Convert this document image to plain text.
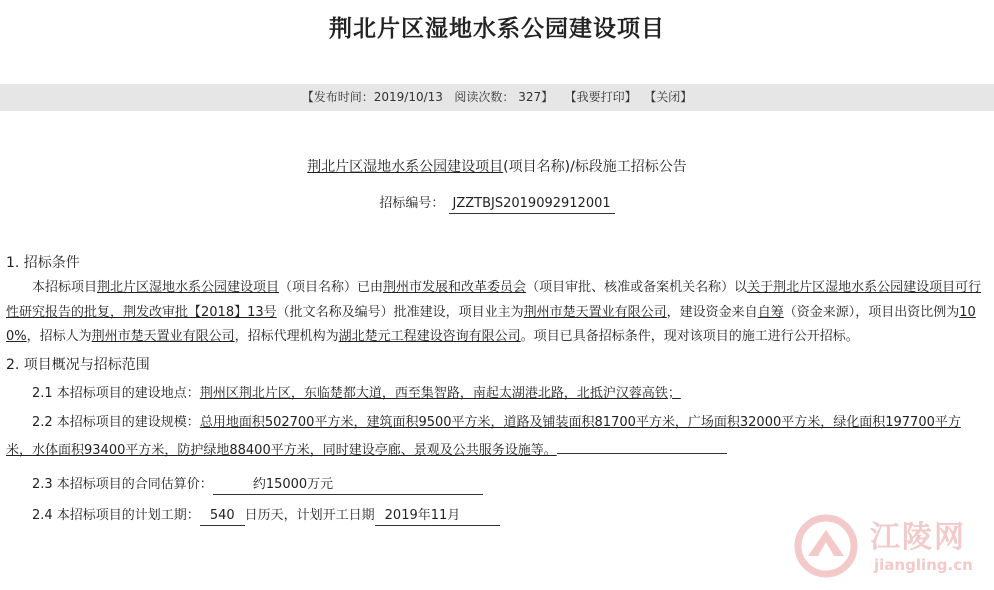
荆北片区湿地水系公园建设项目
【发布时间：2019/10/13 阅读次数： 327】 【我要打印】 【关闭】
荆北片区湿地水系公园建设项目(项目名称)/标段施工招标公告
招标编号： JZZTBJS2019092912001
1. 招标条件
本招标项目荆北片区湿地水系公园建设项目（项目名称）已由荆州市发展和改革委员会（项目审批、核准或备案机关名称）以关于荆北片区湿地水系公园建设项目可行性研究报告的批复，荆发改审批【2018】13号（批文名称及编号）批准建设，项目业主为荆州市楚天置业有限公司，建设资金来自自筹（资金来源），项目出资比例为100%，招标人为荆州市楚天置业有限公司，招标代理机构为湖北楚元工程建设咨询有限公司。项目已具备招标条件，现对该项目的施工进行公开招标。
2. 项目概况与招标范围
2.1 本招标项目的建设地点：荆州区荆北片区，东临楚都大道，西至集智路，南起太湖港北路，北抵沪汉蓉高铁；
2.2 本招标项目的建设规模：总用地面积502700平方米，建筑面积9500平方米，道路及铺装面积81700平方米，广场面积32000平方米，绿化面积197700平方米，水体面积93400平方米，防护绿地88400平方米，同时建设亭廊、景观及公共服务设施等。
2.3 本招标项目的合同估算价：	约15000万元
2.4 本招标项目的计划工期： 540 日历天，计划开工日期 2019年11月
江陵网
jiangling.cn
